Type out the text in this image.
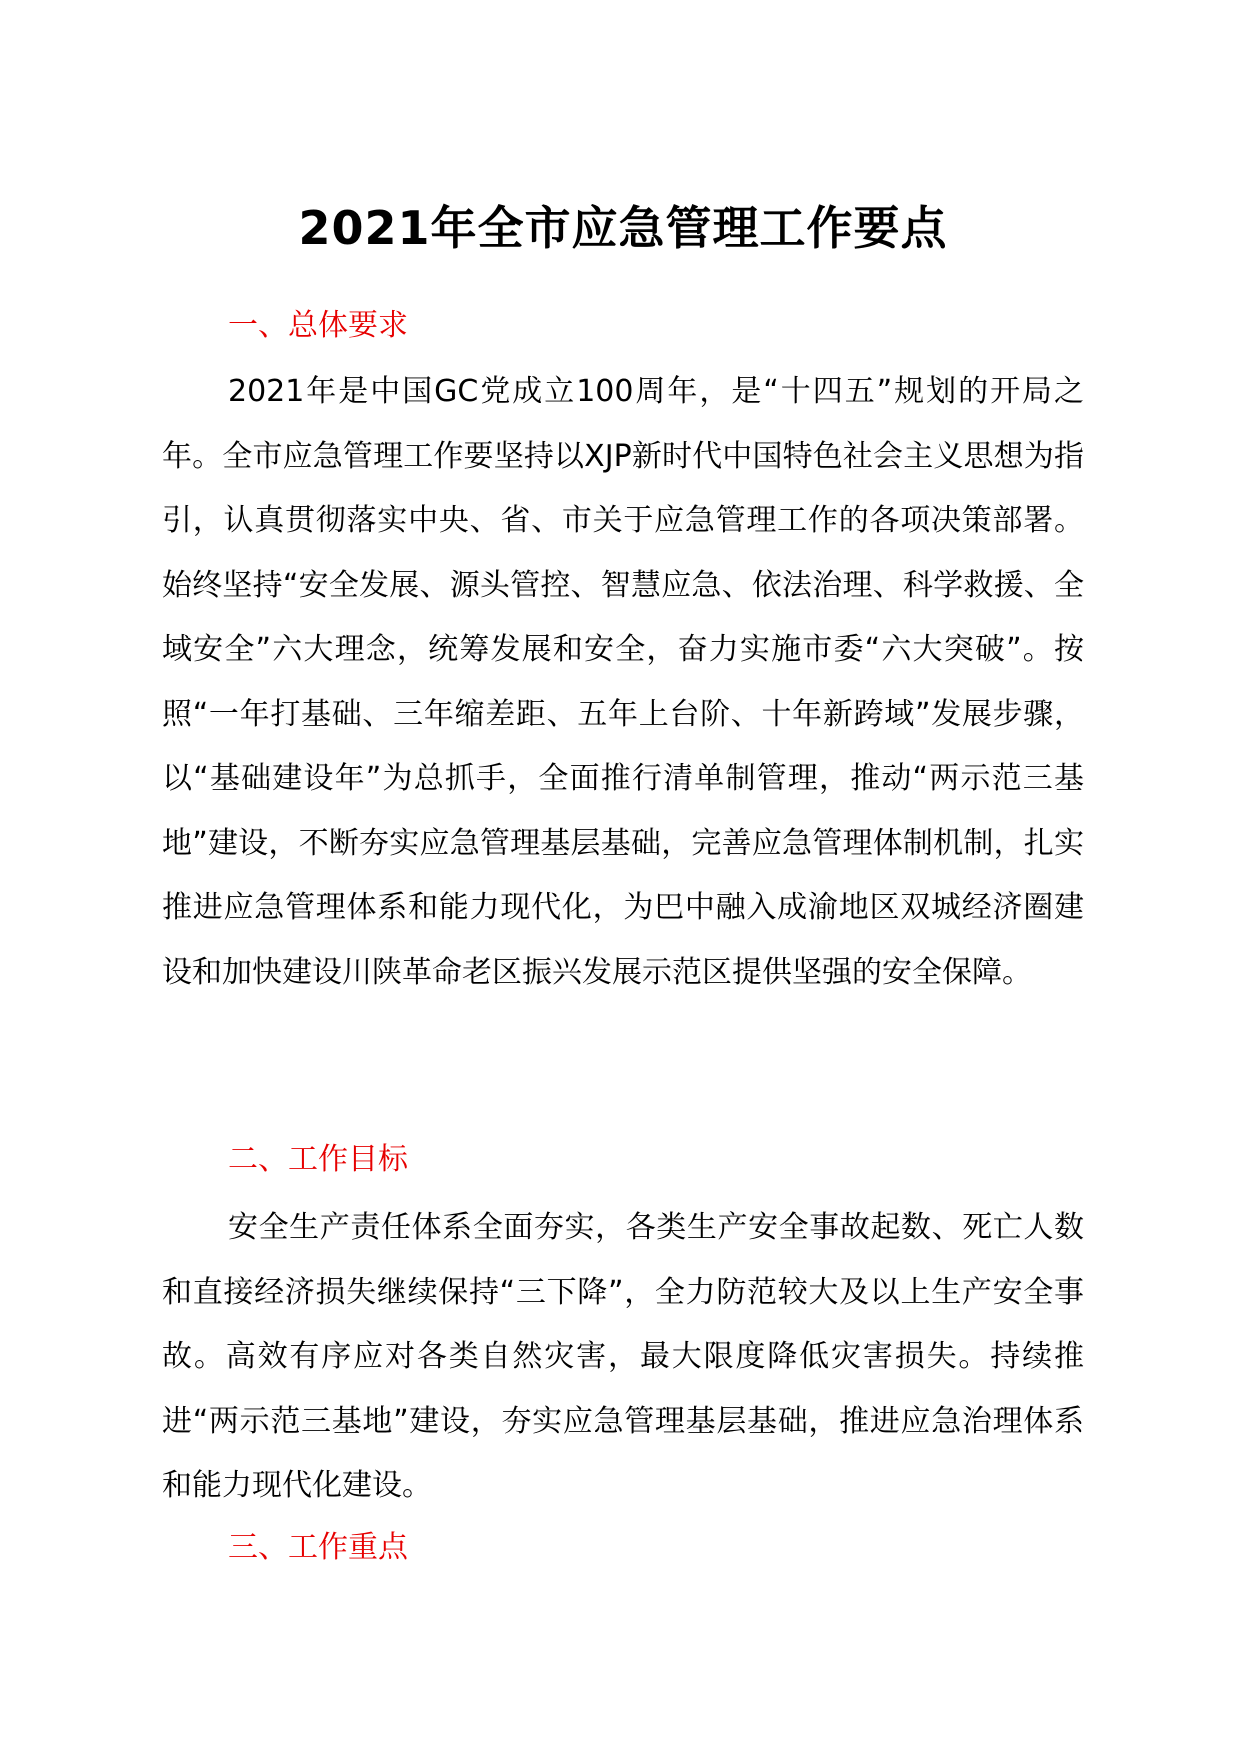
2021年全市应急管理工作要点
一、总体要求

2021年是中国GC党成立100周年，是“十四五”规划的开局之年。全市应急管理工作要坚持以XJP新时代中国特色社会主义思想为指引，认真贯彻落实中央、省、市关于应急管理工作的各项决策部署。始终坚持“安全发展、源头管控、智慧应急、依法治理、科学救援、全域安全”六大理念，统筹发展和安全，奋力实施市委“六大突破”。按照“一年打基础、三年缩差距、五年上台阶、十年新跨域”发展步骤，以“基础建设年”为总抓手，全面推行清单制管理，推动“两示范三基地”建设，不断夯实应急管理基层基础，完善应急管理体制机制，扎实推进应急管理体系和能力现代化，为巴中融入成渝地区双城经济圈建设和加快建设川陕革命老区振兴发展示范区提供坚强的安全保障。

二、工作目标

安全生产责任体系全面夯实，各类生产安全事故起数、死亡人数和直接经济损失继续保持“三下降”，全力防范较大及以上生产安全事故。高效有序应对各类自然灾害，最大限度降低灾害损失。持续推进“两示范三基地”建设，夯实应急管理基层基础，推进应急治理体系和能力现代化建设。

三、工作重点
